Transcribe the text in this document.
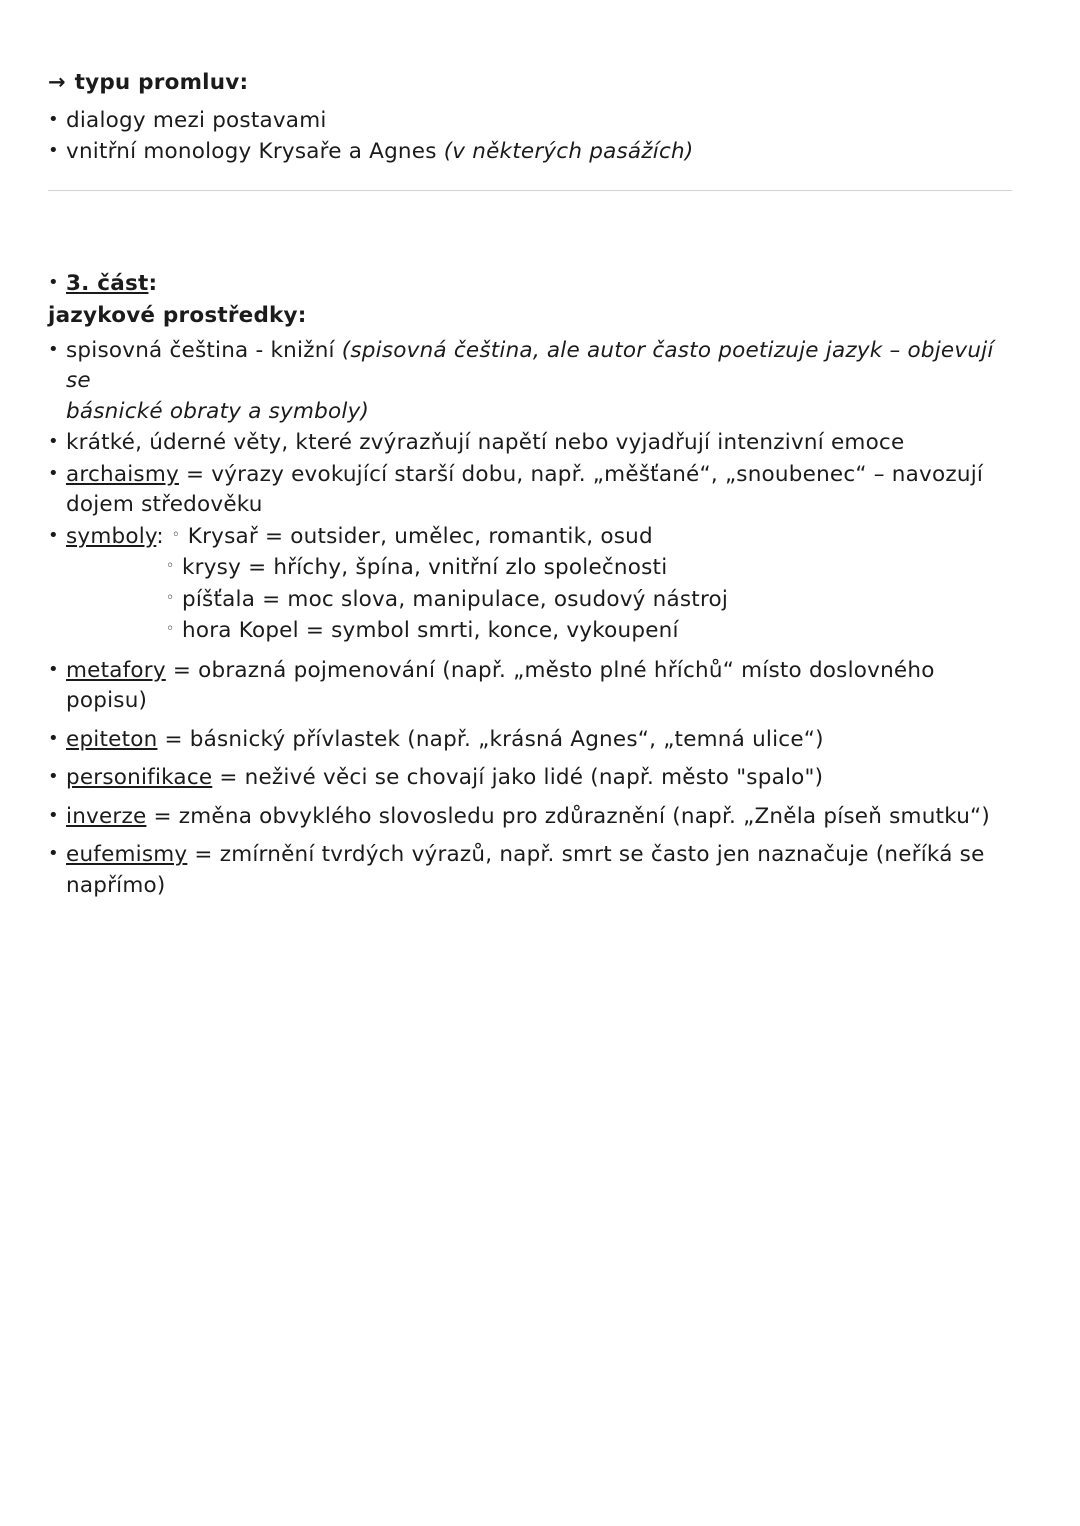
→ typu promluv:
• dialogy mezi postavami
• vnitřní monology Krysaře a Agnes (v některých pasážích)
• 3. část:
jazykové prostředky:
• spisovná čeština - knižní (spisovná čeština, ale autor často poetizuje jazyk – objevují se
básnické obraty a symboly)
• krátké, úderné věty, které zvýrazňují napětí nebo vyjadřují intenzivní emoce
• archaismy = výrazy evokující starší dobu, např. „měšťané“, „snoubenec“ – navozují
dojem středověku
• symboly: ◦ Krysař = outsider, umělec, romantik, osud
◦ krysy = hříchy, špína, vnitřní zlo společnosti
◦ píšťala = moc slova, manipulace, osudový nástroj
◦ hora Kopel = symbol smrti, konce, vykoupení
• metafory = obrazná pojmenování (např. „město plné hříchů“ místo doslovného popisu)
• epiteton = básnický přívlastek (např. „krásná Agnes“, „temná ulice“)
• personifikace = neživé věci se chovají jako lidé (např. město "spalo")
• inverze = změna obvyklého slovosledu pro zdůraznění (např. „Zněla píseň smutku“)
• eufemismy = zmírnění tvrdých výrazů, např. smrt se často jen naznačuje (neříká se
napřímo)
